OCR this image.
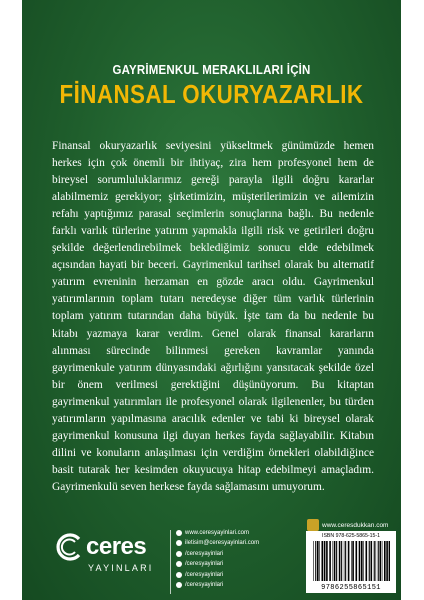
GAYRİMENKUL MERAKLILARI İÇİN
FİNANSAL OKURYAZARLIK

Finansal okuryazarlık seviyesini yükseltmek günümüzde hemen herkes için çok önemli bir ihtiyaç, zira hem profesyonel hem de bireysel sorumluluklarımız gereği parayla ilgili doğru kararlar alabilmemiz gerekiyor; şirketimizin, müşterilerimizin ve ailemizin refahı yaptığımız parasal seçimlerin sonuçlarına bağlı. Bu nedenle farklı varlık türlerine yatırım yapmakla ilgili risk ve getirileri doğru şekilde değerlendirebilmek beklediğimiz sonucu elde edebilmek açısından hayati bir beceri. Gayrimenkul tarihsel olarak bu alternatif yatırım evreninin herzaman en gözde aracı oldu. Gayrimenkul yatırımlarının toplam tutarı neredeyse diğer tüm varlık türlerinin toplam yatırım tutarından daha büyük. İşte tam da bu nedenle bu kitabı yazmaya karar verdim. Genel olarak finansal kararların alınması sürecinde bilinmesi gereken kavramlar yanında gayrimenkule yatırım dünyasındaki ağırlığını yansıtacak şekilde özel bir önem verilmesi gerektiğini düşünüyorum. Bu kitaptan gayrimenkul yatırımları ile profesyonel olarak ilgilenenler, bu türden yatırımların yapılmasına aracılık edenler ve tabi ki bireysel olarak gayrimenkul konusuna ilgi duyan herkes fayda sağlayabilir. Kitabın dilini ve konuların anlaşılması için verdiğim örnekleri olabildiğince basit tutarak her kesimden okuyucuya hitap edebilmeyi amaçladım. Gayrimenkulü seven herkese fayda sağlamasını umuyorum.

ceres
YAYINLARI
www.ceresyayinlari.com
iletisim@ceresyayinlari.com
/ceresyayinlari
/ceresyayinlari
/ceresyayinlari
/ceresyayinlari
www.ceresdukkan.com
ISBN 978-625-5865-15-1
9786255865151
